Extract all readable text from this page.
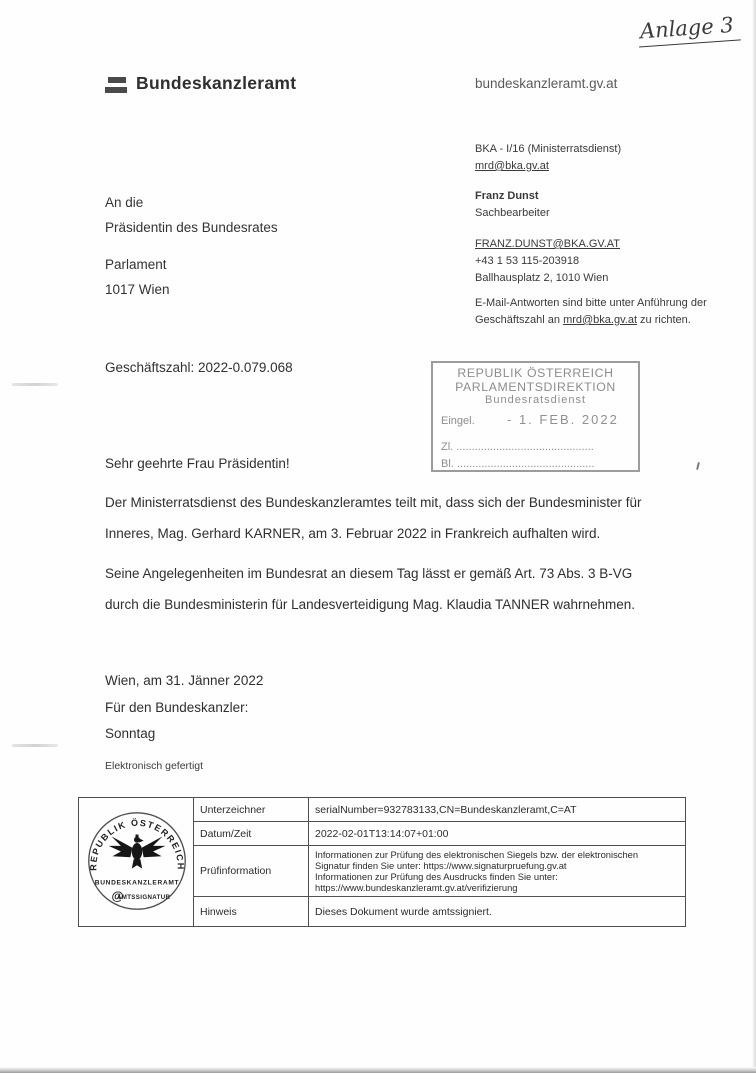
Anlage 3
Bundeskanzleramt	bundeskanzleramt.gv.at
BKA - I/16 (Ministerratsdienst)
mrd@bka.gv.at
Franz Dunst
Sachbearbeiter
FRANZ.DUNST@BKA.GV.AT
+43 1 53 115-203918
Ballhausplatz 2, 1010 Wien
E-Mail-Antworten sind bitte unter Anführung der
Geschäftszahl an mrd@bka.gv.at zu richten.
An die
Präsidentin des Bundesrates
Parlament
1017 Wien
Geschäftszahl: 2022-0.079.068	REPUBLIK ÖSTERREICH
PARLAMENTSDIREKTION
Bundesratsdienst
Eingel.	- 1. FEB. 2022
Zl. .............................................
Bl. .............................................
Sehr geehrte Frau Präsidentin!
Der Ministerratsdienst des Bundeskanzleramtes teilt mit, dass sich der Bundesminister für
Inneres, Mag. Gerhard KARNER, am 3. Februar 2022 in Frankreich aufhalten wird.
Seine Angelegenheiten im Bundesrat an diesem Tag lässt er gemäß Art. 73 Abs. 3 B-VG
durch die Bundesministerin für Landesverteidigung Mag. Klaudia TANNER wahrnehmen.
Wien, am 31. Jänner 2022
Für den Bundeskanzler:
Sonntag
Elektronisch gefertigt
REPUBLIK ÖSTERREICH
BUNDESKANZLERAMT
@
AMTSSIGNATUR	Unterzeichner	serialNumber=932783133,CN=Bundeskanzleramt,C=AT
	Datum/Zeit	2022-02-01T13:14:07+01:00
	Prüfinformation	Informationen zur Prüfung des elektronischen Siegels bzw. der elektronischen
Signatur finden Sie unter: https://www.signaturpruefung.gv.at
Informationen zur Prüfung des Ausdrucks finden Sie unter:
https://www.bundeskanzleramt.gv.at/verifizierung

	Hinweis	Dieses Dokument wurde amtssigniert.
